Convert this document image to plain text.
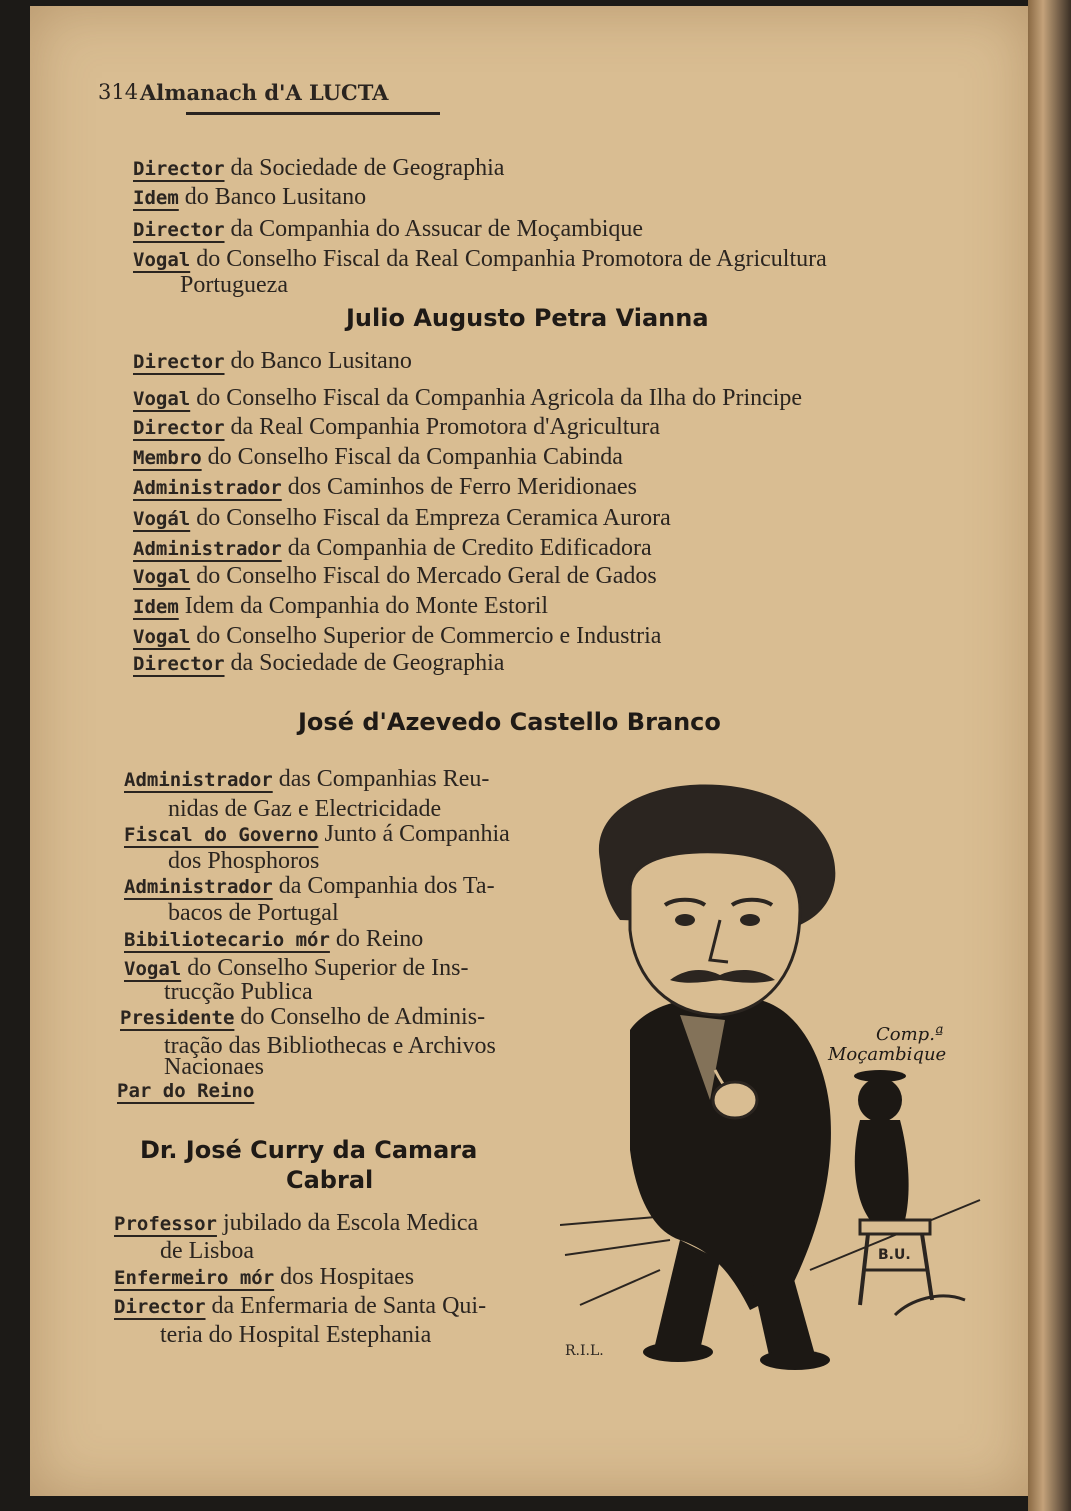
314 Almanach d'A LUCTA
Director da Sociedade de Geographia
Idem do Banco Lusitano
Director da Companhia do Assucar de Moçambique
Vogal do Conselho Fiscal da Real Companhia Promotora de Agricultura
Portugueza
Julio Augusto Petra Vianna
Director do Banco Lusitano
Vogal do Conselho Fiscal da Companhia Agricola da Ilha do Principe
Director da Real Companhia Promotora d'Agricultura
Membro do Conselho Fiscal da Companhia Cabinda
Administrador dos Caminhos de Ferro Meridionaes
Vogál do Conselho Fiscal da Empreza Ceramica Aurora
Administrador da Companhia de Credito Edificadora
Vogal do Conselho Fiscal do Mercado Geral de Gados
Idem Idem da Companhia do Monte Estoril
Vogal do Conselho Superior de Commercio e Industria
Director da Sociedade de Geographia
José d'Azevedo Castello Branco
Administrador das Companhias Reu-
nidas de Gaz e Electricidade
Fiscal do Governo Junto á Companhia
dos Phosphoros
Administrador da Companhia dos Ta-
bacos de Portugal
Bibiliotecario mór do Reino
Vogal do Conselho Superior de Ins-
trucção Publica
Presidente do Conselho de Adminis-
tração das Bibliothecas e Archivos
Nacionaes
Par do Reino
Dr. José Curry da Camara
Cabral
Professor jubilado da Escola Medica
de Lisboa
Enfermeiro mór dos Hospitaes
Director da Enfermaria de Santa Qui-
teria do Hospital Estephania
B.U.
R.I.L.
Comp.ª
Moçambique
